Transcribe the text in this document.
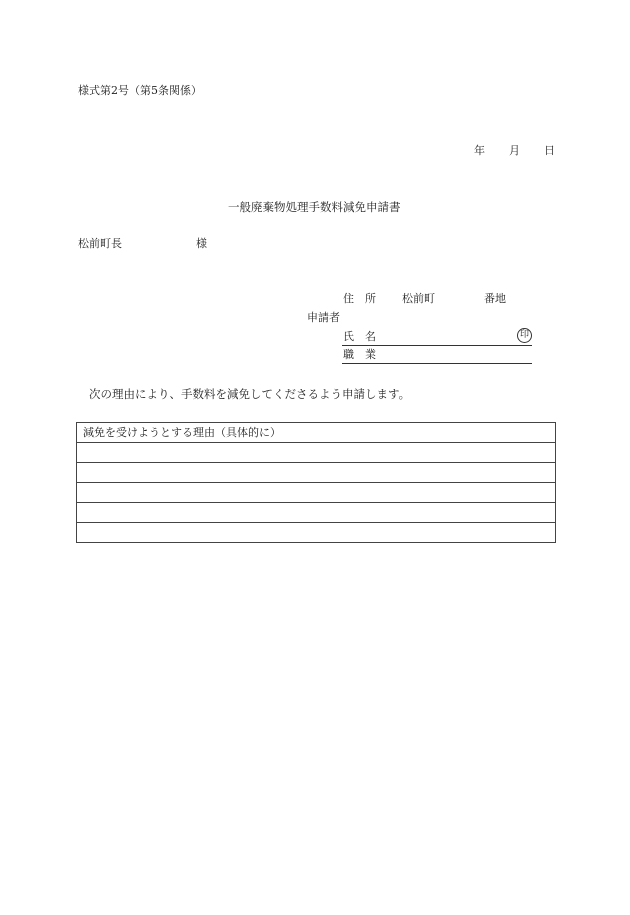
様式第2号（第5条関係）
年 月 日
一般廃棄物処理手数料減免申請書
松前町長	様
住　所 松前町	番地
申請者
氏　名	印
職　業
次の理由により、手数料を減免してくださるよう申請します。
減免を受けようとする理由（具体的に）
